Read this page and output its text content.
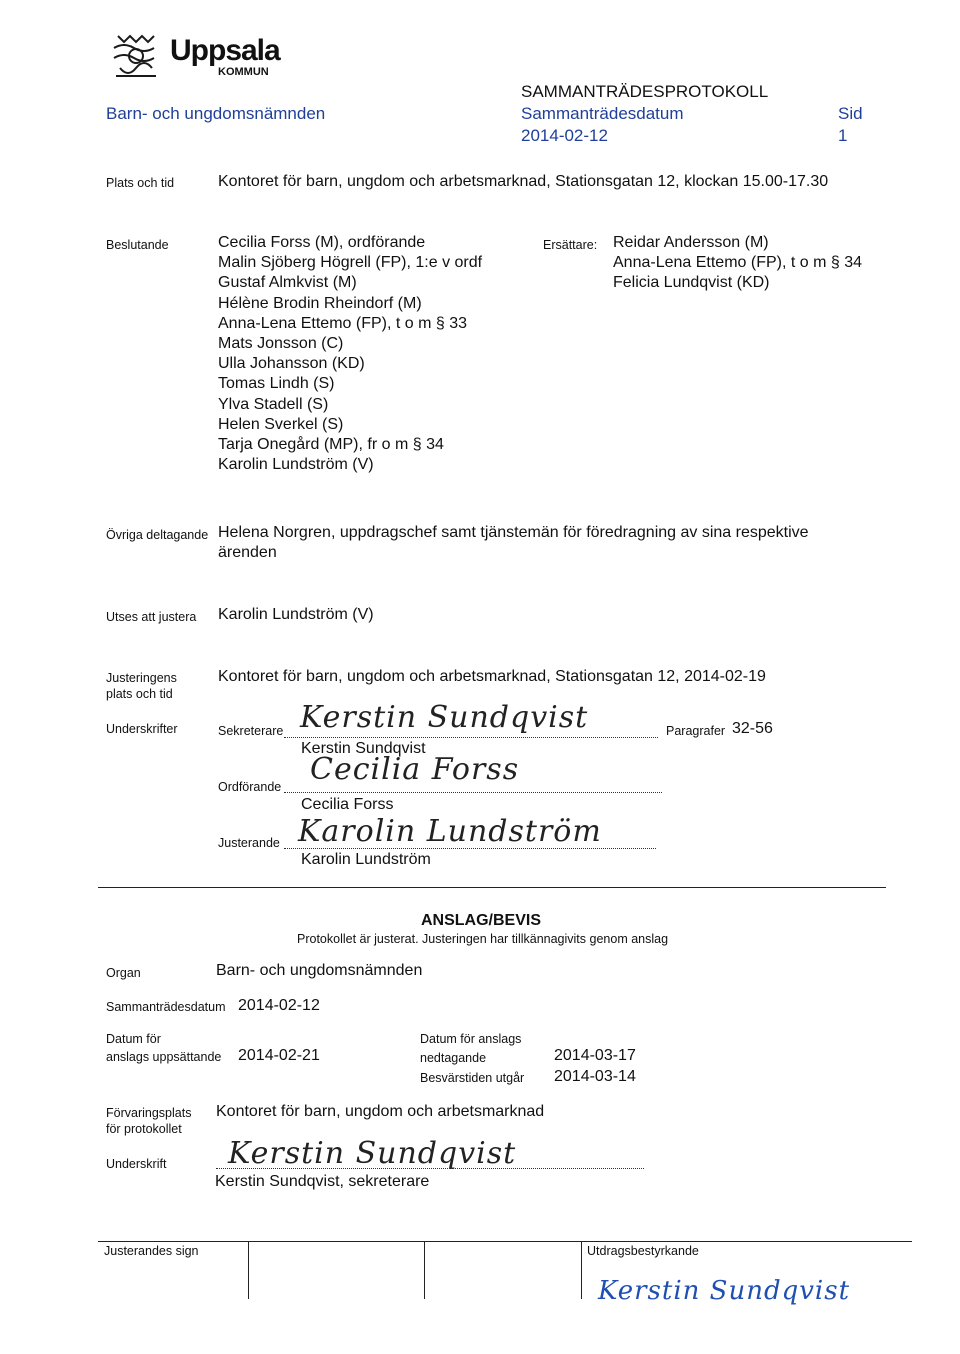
Uppsala
KOMMUN
SAMMANTRÄDESPROTOKOLL
Barn- och ungdomsnämnden	Sammanträdesdatum	Sid
2014-02-12	1
Plats och tid	Kontoret för barn, ungdom och arbetsmarknad, Stationsgatan 12, klockan 15.00-17.30
Beslutande	Cecilia Forss (M), ordförande
Malin Sjöberg Högrell (FP), 1:e v ordf
Gustaf Almkvist (M)
Hélène Brodin Rheindorf (M)
Anna-Lena Ettemo (FP), t o m § 33
Mats Jonsson (C)
Ulla Johansson (KD)
Tomas Lindh (S)
Ylva Stadell (S)
Helen Sverkel (S)
Tarja Onegård (MP), fr o m § 34
Karolin Lundström (V)
Ersättare: Reidar Andersson (M)
Anna-Lena Ettemo (FP), t o m § 34
Felicia Lundqvist (KD)
Övriga deltagande Helena Norgren, uppdragschef samt tjänstemän för föredragning av sina respektive
ärenden
Utses att justera Karolin Lundström (V)
Justeringens
plats och tid
Kontoret för barn, ungdom och arbetsmarknad, Stationsgatan 12, 2014-02-19
Underskrifter	Sekreterare Kerstin Sundqvist	Paragrafer 32-56
Kerstin Sundqvist
Ordförande Cecilia Forss
Cecilia Forss
Justerande Karolin Lundström
Karolin Lundström
ANSLAG/BEVIS
Protokollet är justerat. Justeringen har tillkännagivits genom anslag
Organ	Barn- och ungdomsnämnden
Sammanträdesdatum 2014-02-12
Datum för
anslags uppsättande 2014-02-21
Datum för anslags
nedtagande	2014-03-17
Besvärstiden utgår 2014-03-14
Förvaringsplats
för protokollet
Kontoret för barn, ungdom och arbetsmarknad
Underskrift Kerstin Sundqvist
Kerstin Sundqvist, sekreterare
Justerandes sign	Utdragsbestyrkande
Kerstin Sundqvist
